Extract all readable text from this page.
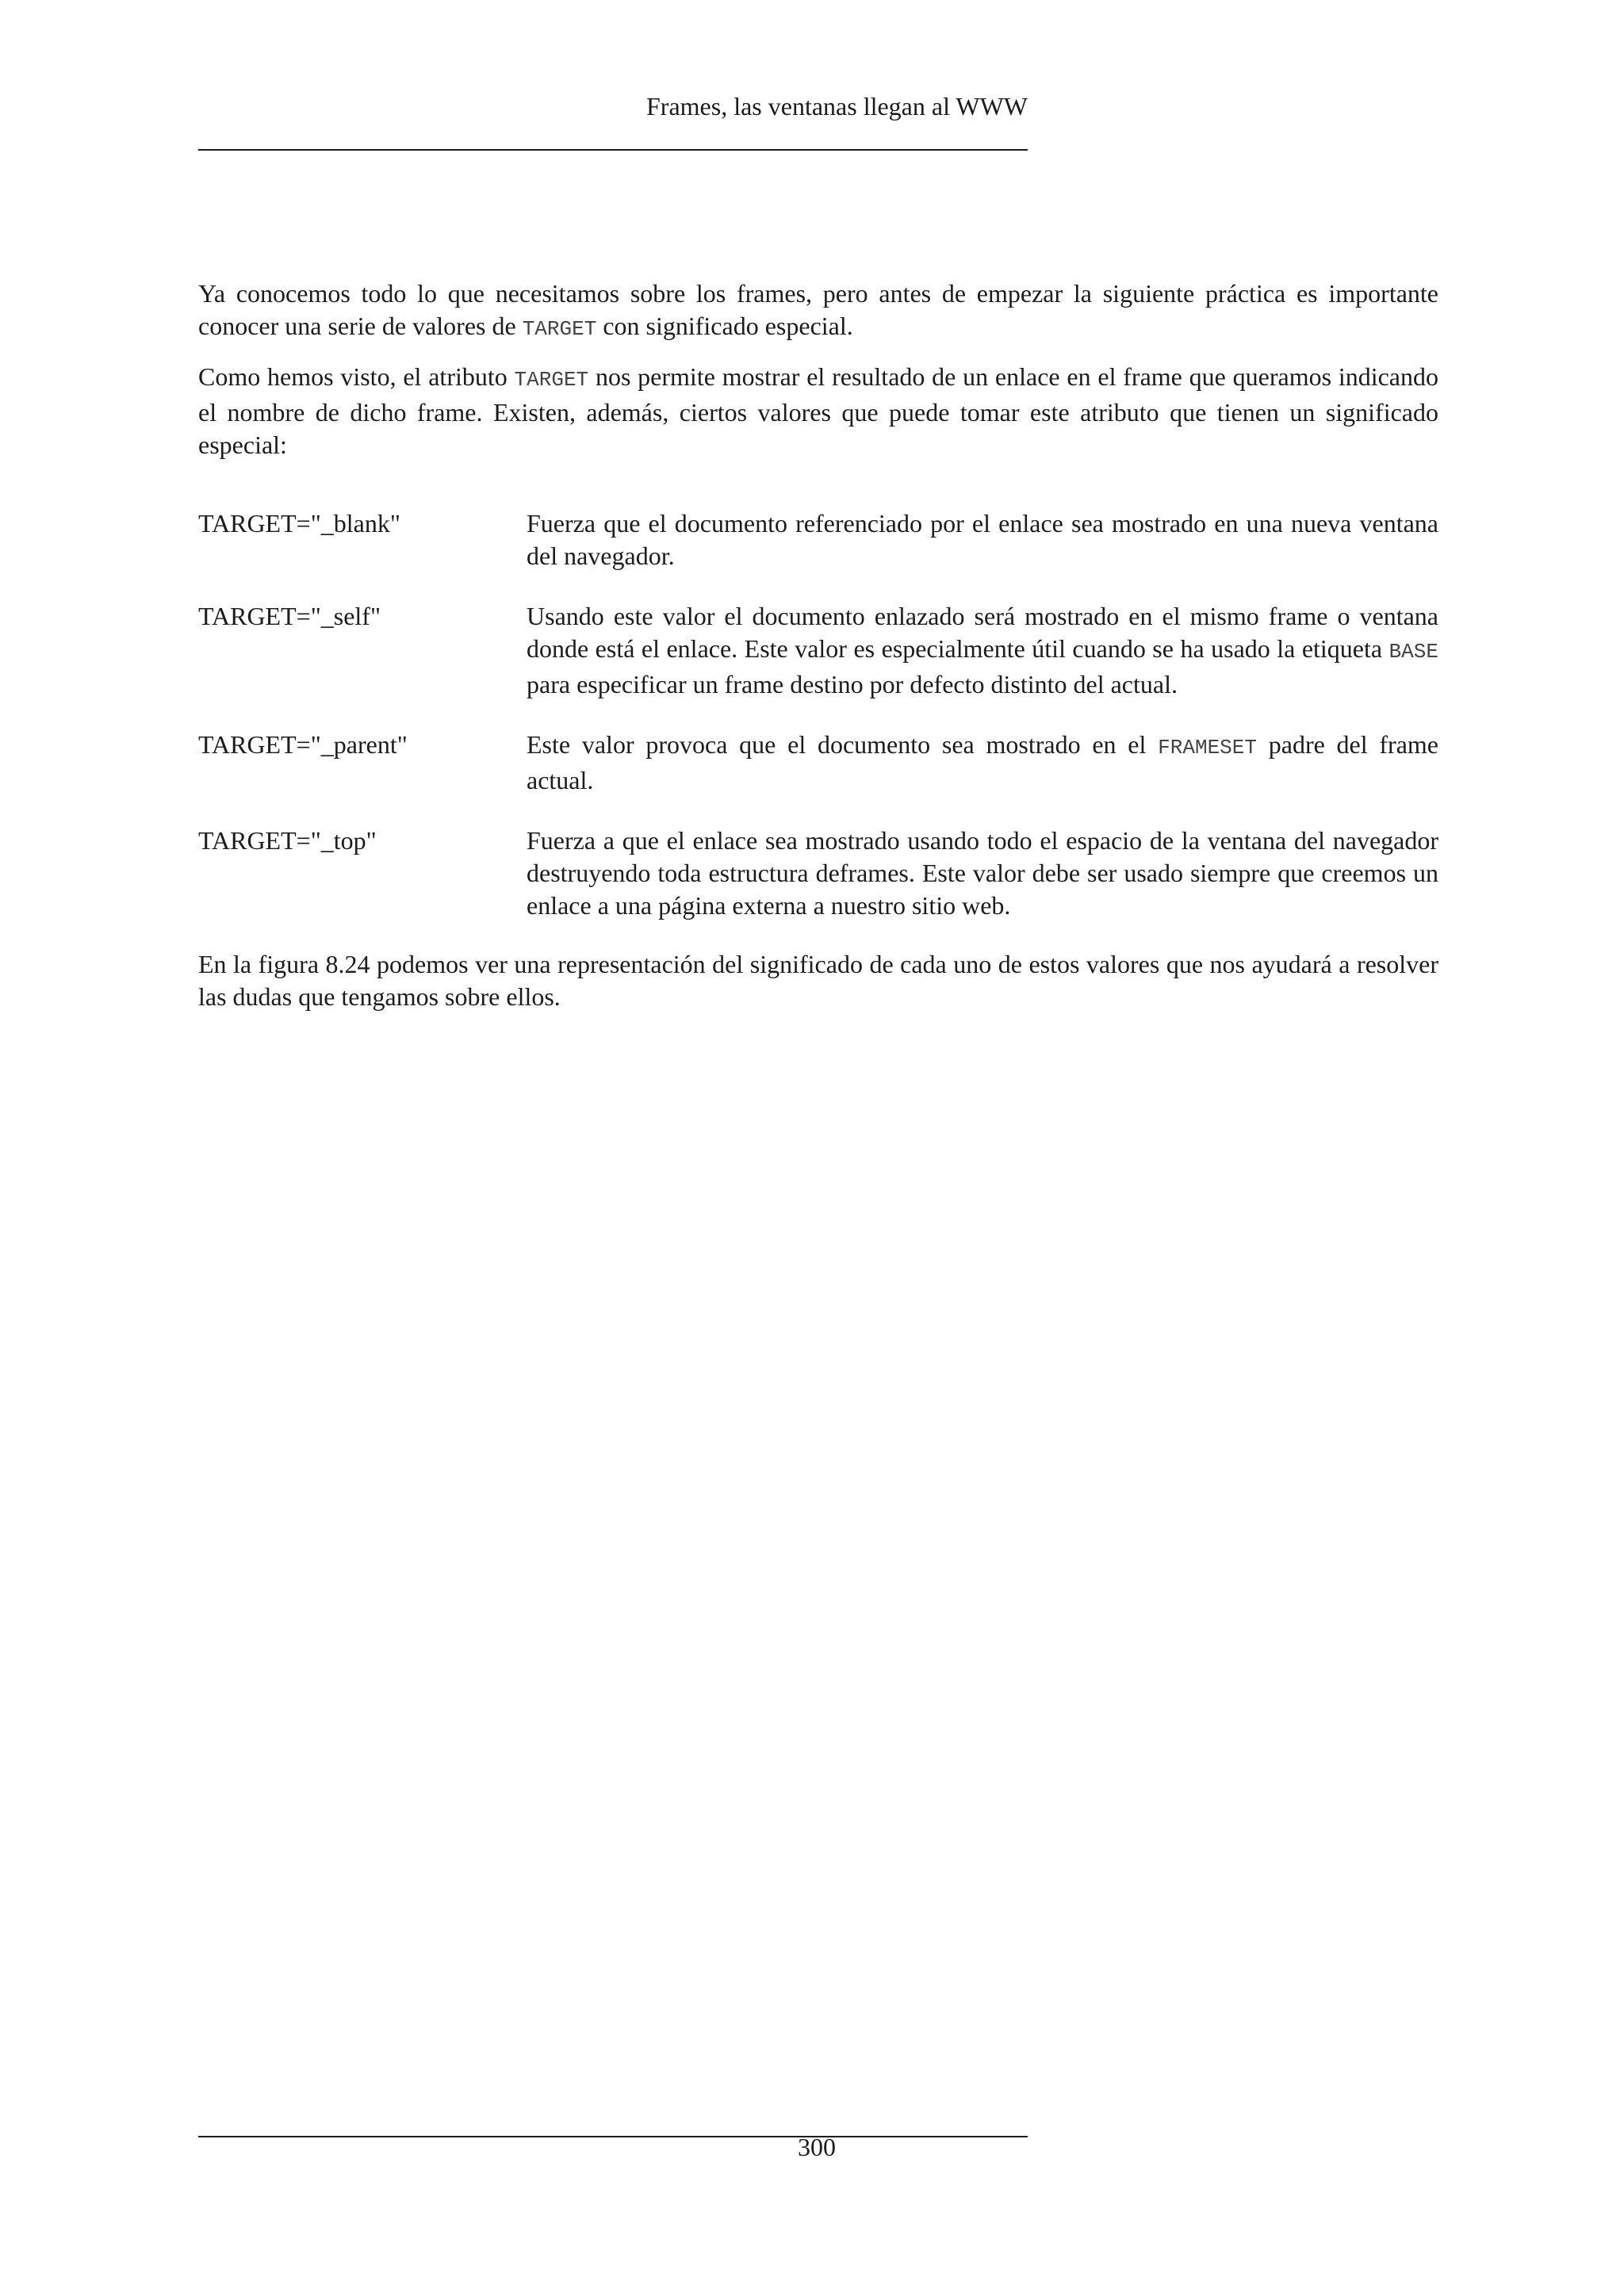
Frames, las ventanas llegan al WWW

Ya conocemos todo lo que necesitamos sobre los frames, pero antes de empezar la siguiente práctica es importante conocer una serie de valores de TARGET con significado especial.

Como hemos visto, el atributo TARGET nos permite mostrar el resultado de un enlace en el frame que queramos indicando el nombre de dicho frame. Existen, además, ciertos valores que puede tomar este atributo que tienen un significado especial:

TARGET="_blank"	Fuerza que el documento referenciado por el enlace sea mostrado en una nueva ventana del navegador.
TARGET="_self"	Usando este valor el documento enlazado será mostrado en el mismo frame o ventana donde está el enlace. Este valor es especialmente útil cuando se ha usado la etiqueta BASE para especificar un frame destino por defecto distinto del actual.
TARGET="_parent"	Este valor provoca que el documento sea mostrado en el FRAMESET padre del frame actual.
TARGET="_top"	Fuerza a que el enlace sea mostrado usando todo el espacio de la ventana del navegador destruyendo toda estructura deframes. Este valor debe ser usado siempre que creemos un enlace a una página externa a nuestro sitio web.

En la figura 8.24 podemos ver una representación del significado de cada uno de estos valores que nos ayudará a resolver las dudas que tengamos sobre ellos.

300
